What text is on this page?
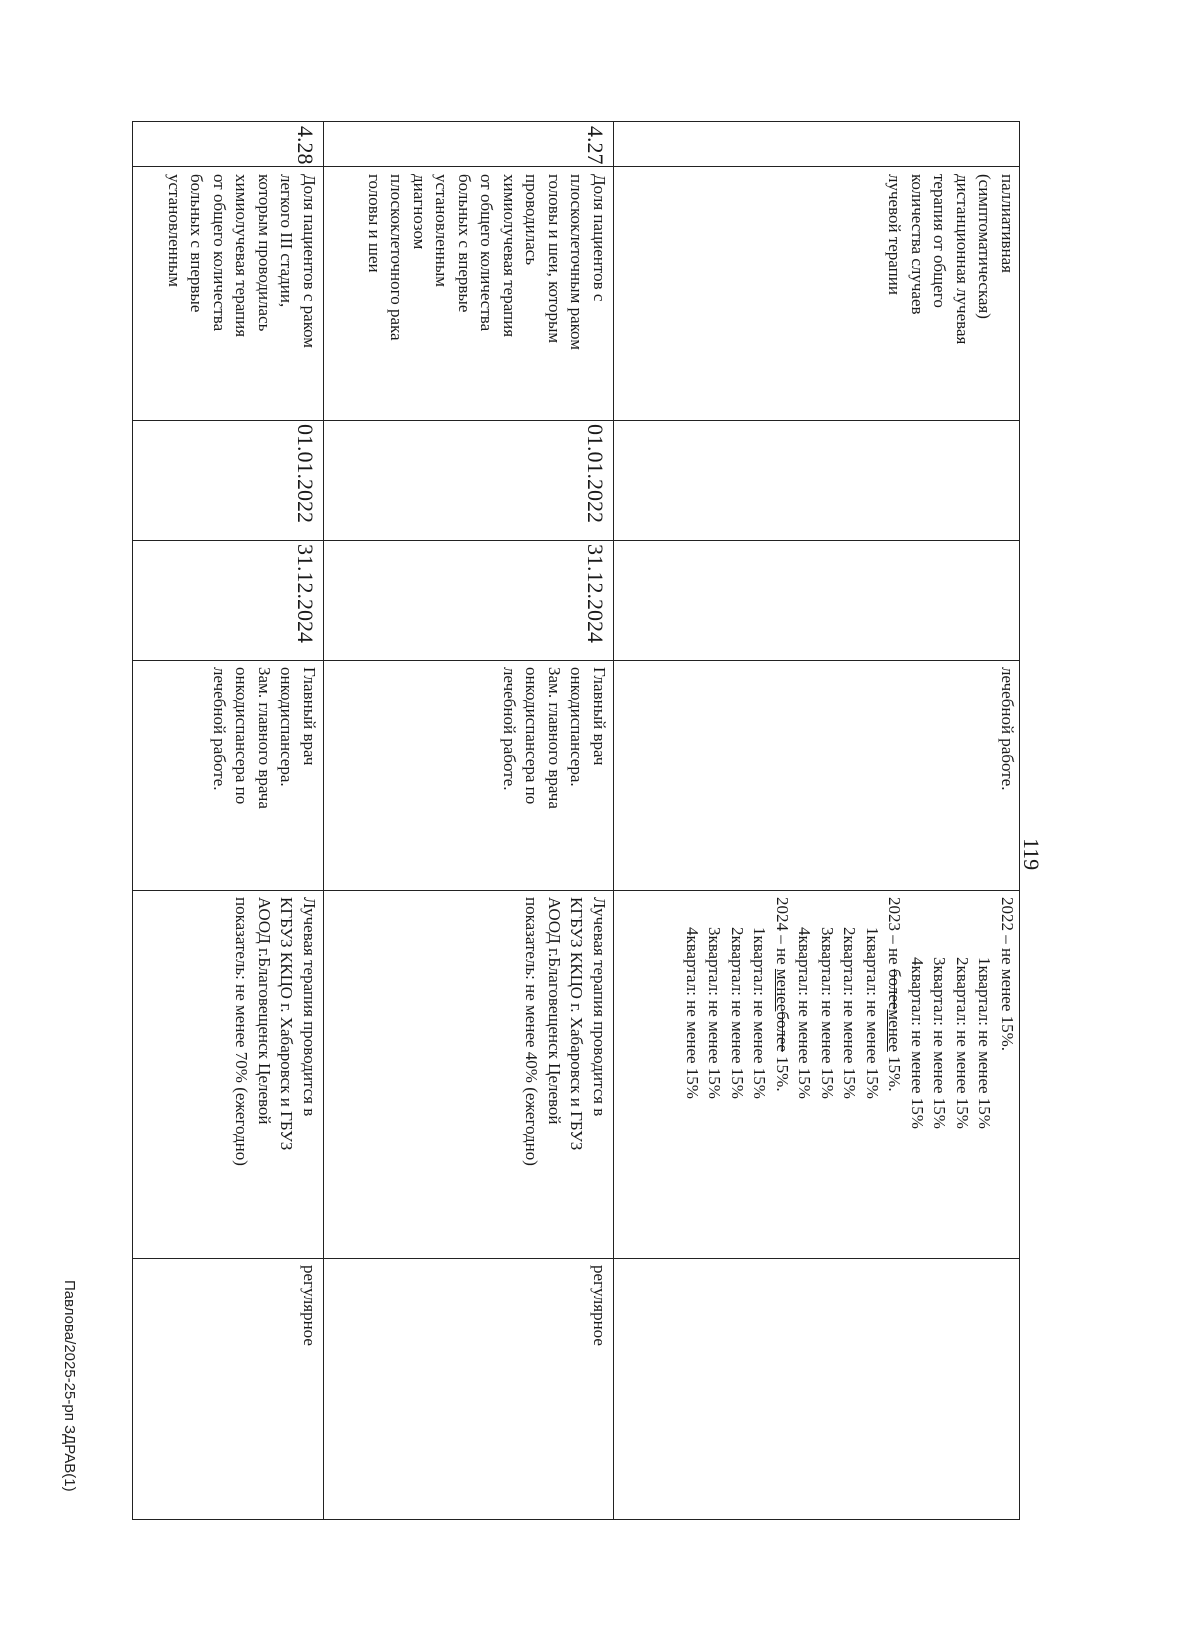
119
паллиативная
(симптоматическая)
дистанционная лучевая
терапия от общего
количества случаев
лучевой терапии
лечебной работе.
2022 – не менее 15%.
1квартал: не менее 15%
2квартал: не менее 15%
3квартал: не менее 15%
4квартал: не менее 15%
2023 – не болееменее 15%.
1квартал: не менее 15%
2квартал: не менее 15%
3квартал: не менее 15%
4квартал: не менее 15%
2024 – не менееболее 15%.
1квартал: не менее 15%
2квартал: не менее 15%
3квартал: не менее 15%
4квартал: не менее 15%
4.27
Доля пациентов с
плоскоклеточным раком
головы и шеи, которым
проводилась
химиолучевая терапия
от общего количества
больных с впервые
установленным
диагнозом
плоскоклеточного рака
головы и шеи
01.01.2022
31.12.2024
Главный врач
онкодиспансера.
Зам. главного врача
онкодиспансера по
лечебной работе.
Лучевая терапия проводится в
КГБУЗ ККЦО г. Хабаровск и ГБУЗ
АООД г.Благовещенск Целевой
показатель: не менее 40% (ежегодно)
регулярное
4.28
Доля пациентов с раком
легкого III стадии,
которым проводилась
химиолучевая терапия
от общего количества
больных с впервые
установленным
01.01.2022
31.12.2024
Главный врач
онкодиспансера.
Зам. главного врача
онкодиспансера по
лечебной работе.
Лучевая терапия проводится в
КГБУЗ ККЦО г. Хабаровск и ГБУЗ
АООД г.Благовещенск Целевой
показатель: не менее 70% (ежегодно)
регулярное
Павлова/2025-25-рп ЗДРАВ(1)
